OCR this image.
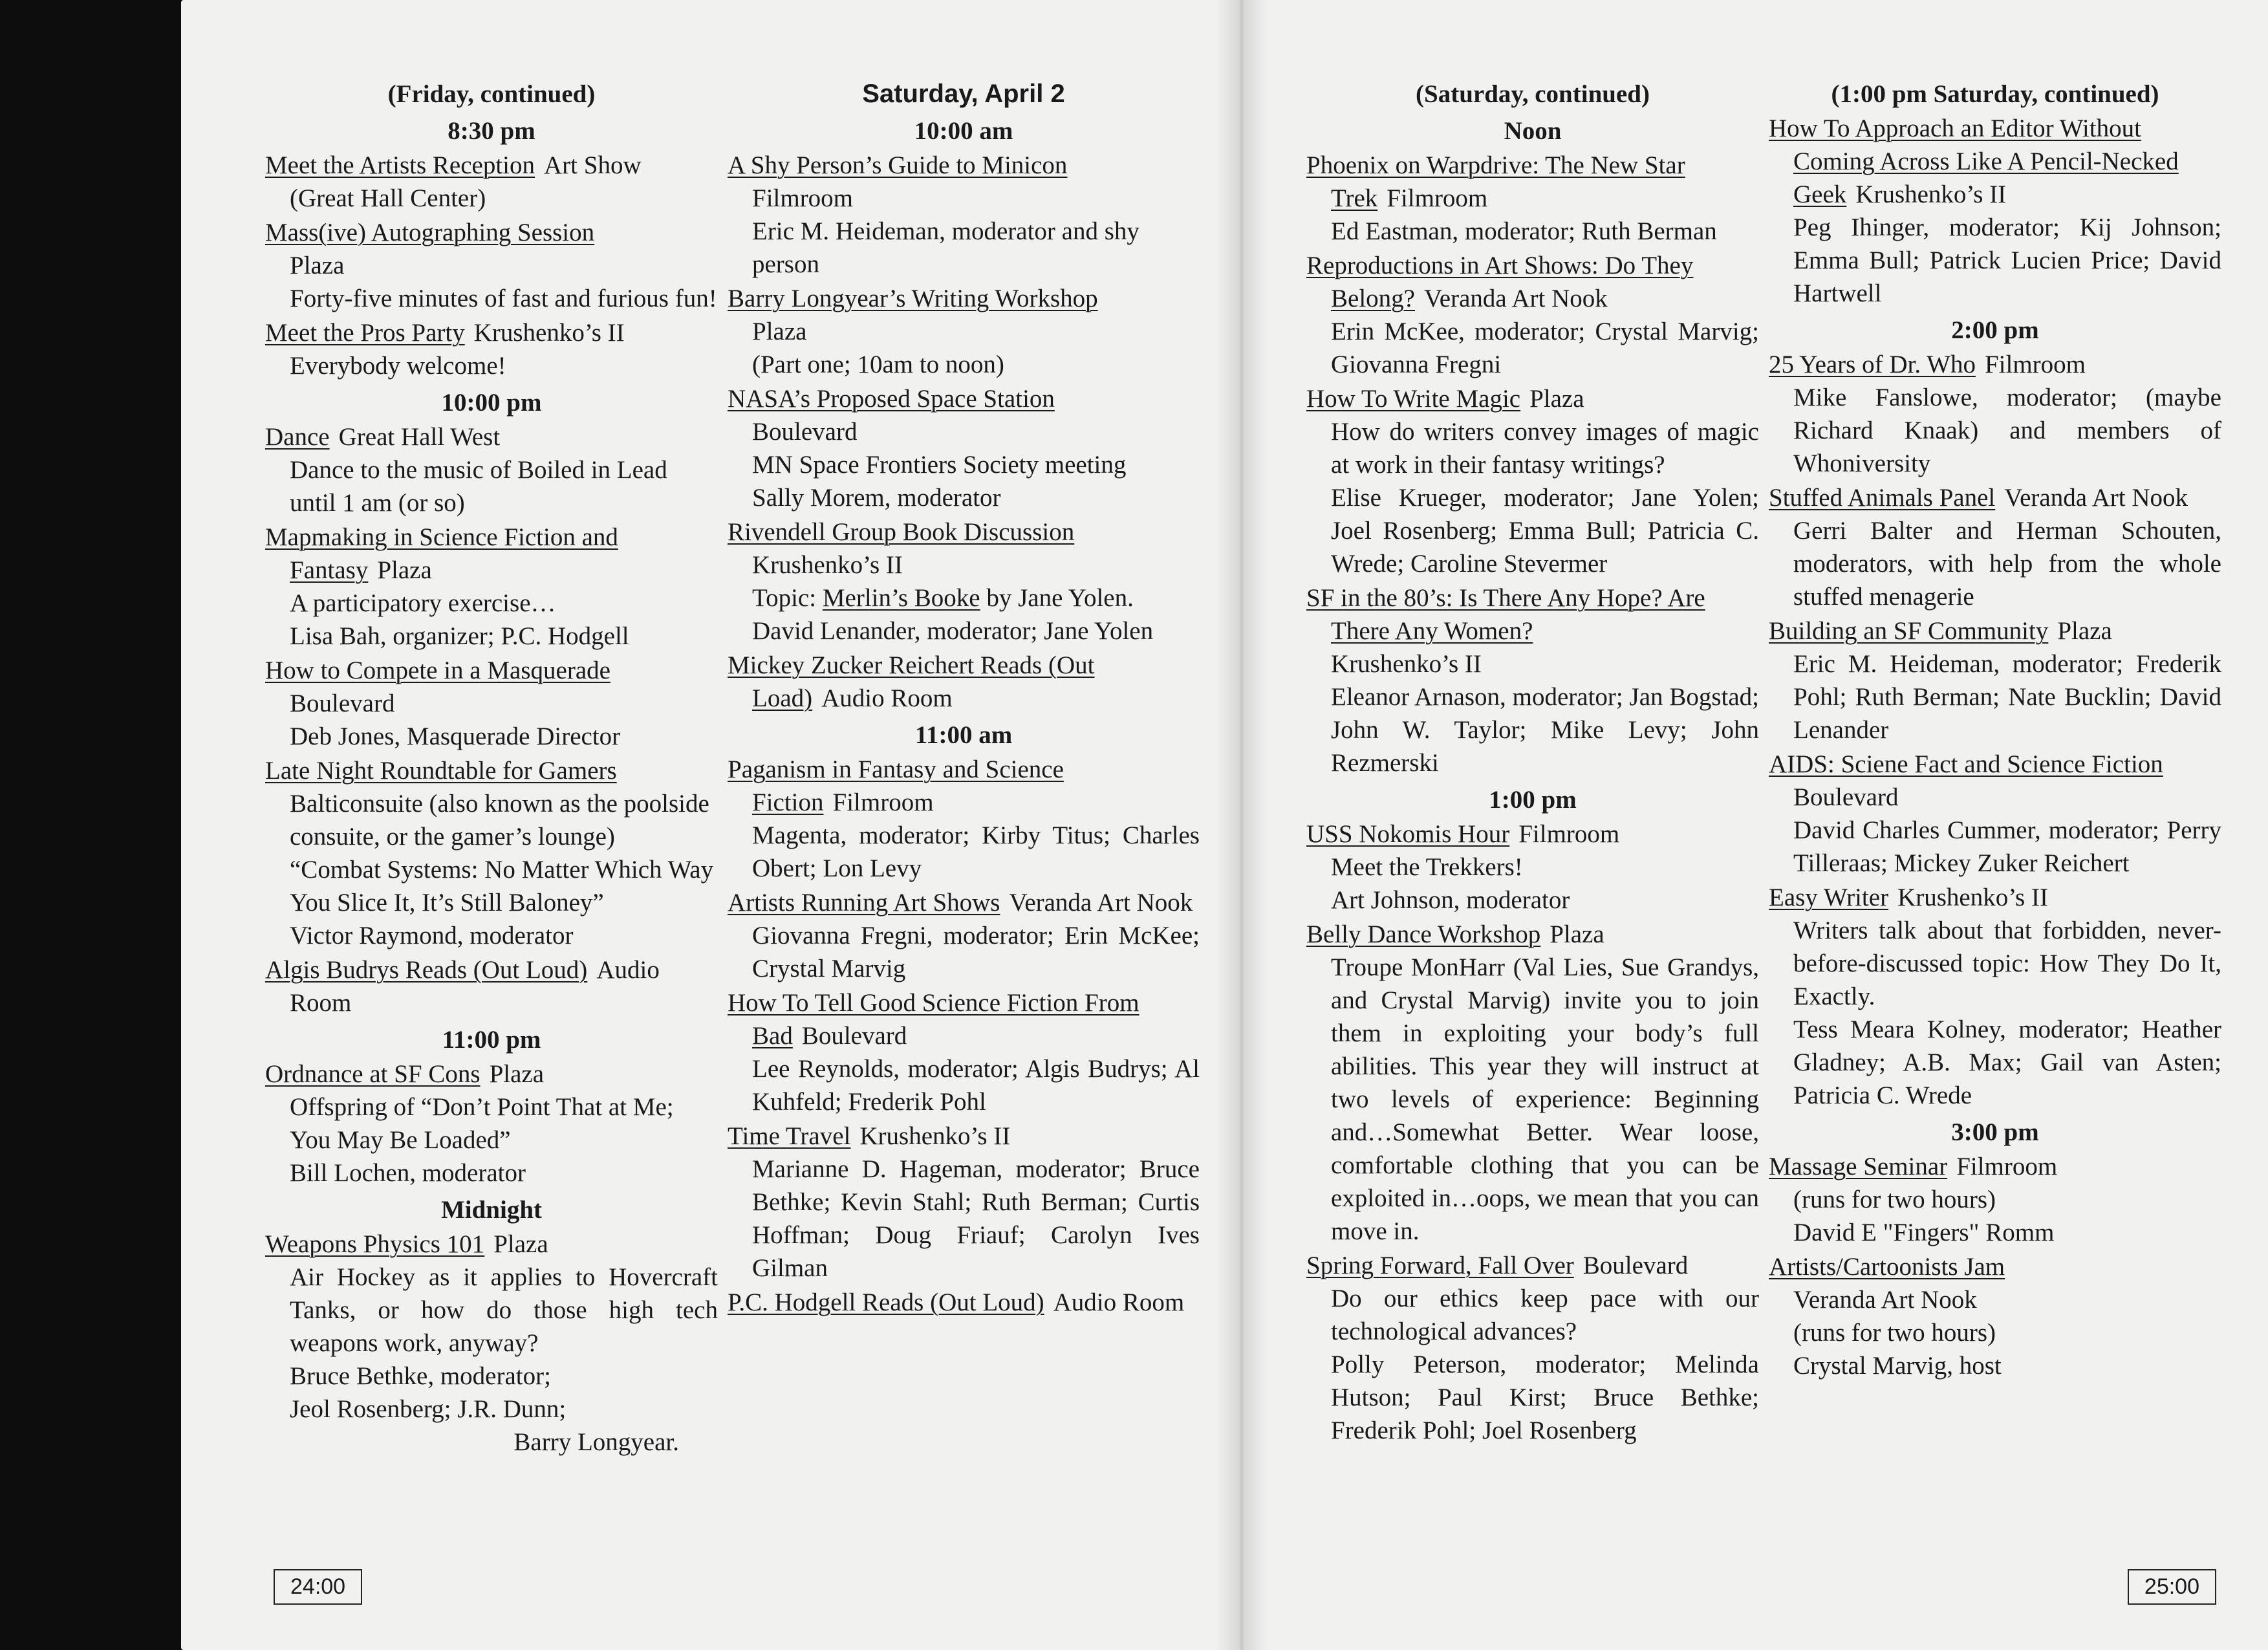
(Friday, continued)
8:30 pm
Meet the Artists Reception Art Show
(Great Hall Center)
Mass(ive) Autographing Session
Plaza
Forty-five minutes of fast and furious fun!
Meet the Pros Party Krushenko’s II
Everybody welcome!
10:00 pm
Dance Great Hall West
Dance to the music of Boiled in Lead until 1 am (or so)
Mapmaking in Science Fiction and Fantasy Plaza
A participatory exercise…
Lisa Bah, organizer; P.C. Hodgell
How to Compete in a Masquerade
Boulevard
Deb Jones, Masquerade Director
Late Night Roundtable for Gamers
Balticonsuite (also known as the poolside consuite, or the gamer’s lounge)
“Combat Systems: No Matter Which Way You Slice It, It’s Still Baloney”
Victor Raymond, moderator
Algis Budrys Reads (Out Loud) Audio Room
11:00 pm
Ordnance at SF Cons Plaza
Offspring of “Don’t Point That at Me; You May Be Loaded”
Bill Lochen, moderator
Midnight
Weapons Physics 101 Plaza
Air Hockey as it applies to Hovercraft Tanks, or how do those high tech weapons work, anyway?
Bruce Bethke, moderator;
Jeol Rosenberg; J.R. Dunn;
Barry Longyear.
Saturday, April 2
10:00 am
A Shy Person’s Guide to Minicon
Filmroom
Eric M. Heideman, moderator and shy person
Barry Longyear’s Writing Workshop
Plaza
(Part one; 10am to noon)
NASA’s Proposed Space Station
Boulevard
MN Space Frontiers Society meeting
Sally Morem, moderator
Rivendell Group Book Discussion
Krushenko’s II
Topic: Merlin’s Booke by Jane Yolen.
David Lenander, moderator; Jane Yolen
Mickey Zucker Reichert Reads (Out Load) Audio Room
11:00 am
Paganism in Fantasy and Science Fiction Filmroom
Magenta, moderator; Kirby Titus; Charles Obert; Lon Levy
Artists Running Art Shows Veranda Art Nook
Giovanna Fregni, moderator; Erin McKee; Crystal Marvig
How To Tell Good Science Fiction From Bad Boulevard
Lee Reynolds, moderator; Algis Budrys; Al Kuhfeld; Frederik Pohl
Time Travel Krushenko’s II
Marianne D. Hageman, moderator; Bruce Bethke; Kevin Stahl; Ruth Berman; Curtis Hoffman; Doug Friauf; Carolyn Ives Gilman
P.C. Hodgell Reads (Out Loud) Audio Room
24:00
(Saturday, continued)
Noon
Phoenix on Warpdrive: The New Star Trek Filmroom
Ed Eastman, moderator; Ruth Berman
Reproductions in Art Shows: Do They Belong? Veranda Art Nook
Erin McKee, moderator; Crystal Marvig; Giovanna Fregni
How To Write Magic Plaza
How do writers convey images of magic at work in their fantasy writings?
Elise Krueger, moderator; Jane Yolen; Joel Rosenberg; Emma Bull; Patricia C. Wrede; Caroline Stevermer
SF in the 80’s: Is There Any Hope? Are There Any Women?
Krushenko’s II
Eleanor Arnason, moderator; Jan Bogstad; John W. Taylor; Mike Levy; John Rezmerski
1:00 pm
USS Nokomis Hour Filmroom
Meet the Trekkers!
Art Johnson, moderator
Belly Dance Workshop Plaza
Troupe MonHarr (Val Lies, Sue Grandys, and Crystal Marvig) invite you to join them in exploiting your body’s full abilities. This year they will instruct at two levels of experience: Beginning and…Somewhat Better. Wear loose, comfortable clothing that you can be exploited in…oops, we mean that you can move in.
Spring Forward, Fall Over Boulevard
Do our ethics keep pace with our technological advances?
Polly Peterson, moderator; Melinda Hutson; Paul Kirst; Bruce Bethke; Frederik Pohl; Joel Rosenberg
(1:00 pm Saturday, continued)
How To Approach an Editor Without Coming Across Like A Pencil-Necked Geek Krushenko’s II
Peg Ihinger, moderator; Kij Johnson; Emma Bull; Patrick Lucien Price; David Hartwell
2:00 pm
25 Years of Dr. Who Filmroom
Mike Fanslowe, moderator; (maybe Richard Knaak) and members of Whoniversity
Stuffed Animals Panel Veranda Art Nook
Gerri Balter and Herman Schouten, moderators, with help from the whole stuffed menagerie
Building an SF Community Plaza
Eric M. Heideman, moderator; Frederik Pohl; Ruth Berman; Nate Bucklin; David Lenander
AIDS: Sciene Fact and Science Fiction
Boulevard
David Charles Cummer, moderator; Perry Tilleraas; Mickey Zuker Reichert
Easy Writer Krushenko’s II
Writers talk about that forbidden, never-before-discussed topic: How They Do It, Exactly.
Tess Meara Kolney, moderator; Heather Gladney; A.B. Max; Gail van Asten; Patricia C. Wrede
3:00 pm
Massage Seminar Filmroom
(runs for two hours)
David E "Fingers" Romm
Artists/Cartoonists Jam
Veranda Art Nook
(runs for two hours)
Crystal Marvig, host
25:00
